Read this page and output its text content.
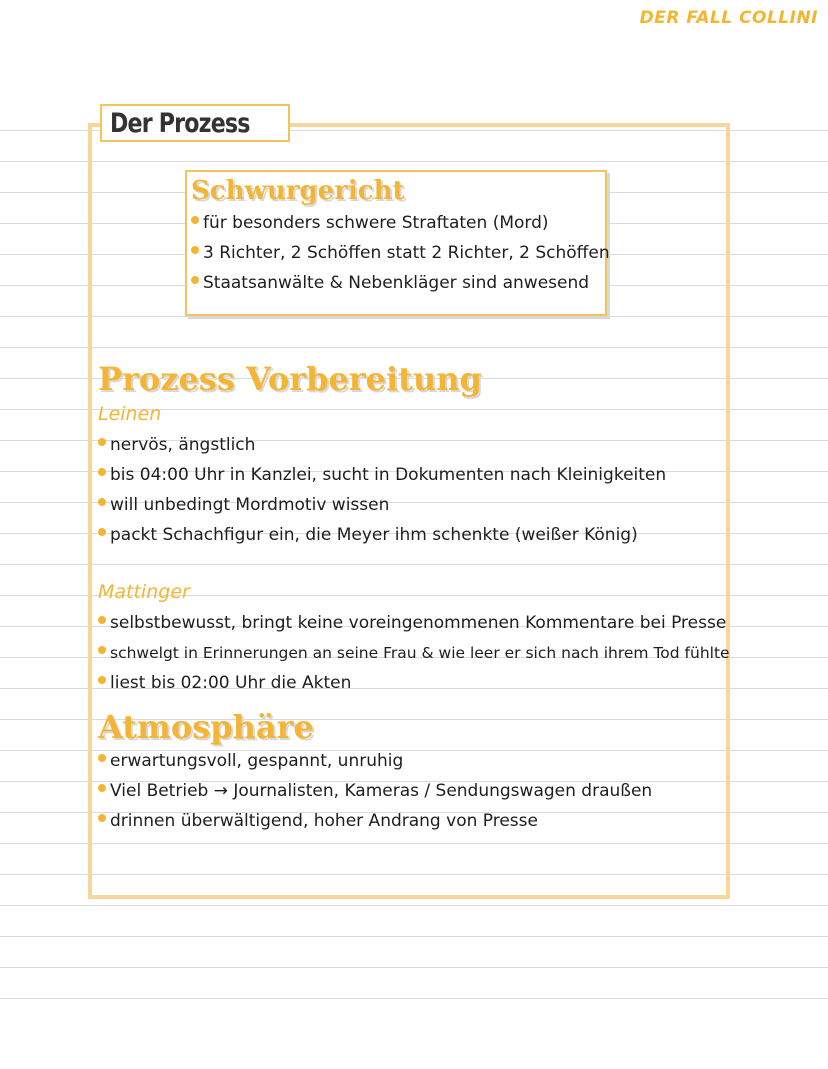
DER FALL COLLINI
Der Prozess
Schwurgericht
für besonders schwere Straftaten (Mord)
3 Richter, 2 Schöffen statt 2 Richter, 2 Schöffen
Staatsanwälte & Nebenkläger sind anwesend
Prozess Vorbereitung
Leinen
nervös, ängstlich
bis 04:00 Uhr in Kanzlei, sucht in Dokumenten nach Kleinigkeiten
will unbedingt Mordmotiv wissen
packt Schachfigur ein, die Meyer ihm schenkte (weißer König)
Mattinger
selbstbewusst, bringt keine voreingenommenen Kommentare bei Presse
schwelgt in Erinnerungen an seine Frau & wie leer er sich nach ihrem Tod fühlte
liest bis 02:00 Uhr die Akten
Atmosphäre
erwartungsvoll, gespannt, unruhig
Viel Betrieb → Journalisten, Kameras / Sendungswagen draußen
drinnen überwältigend, hoher Andrang von Presse
